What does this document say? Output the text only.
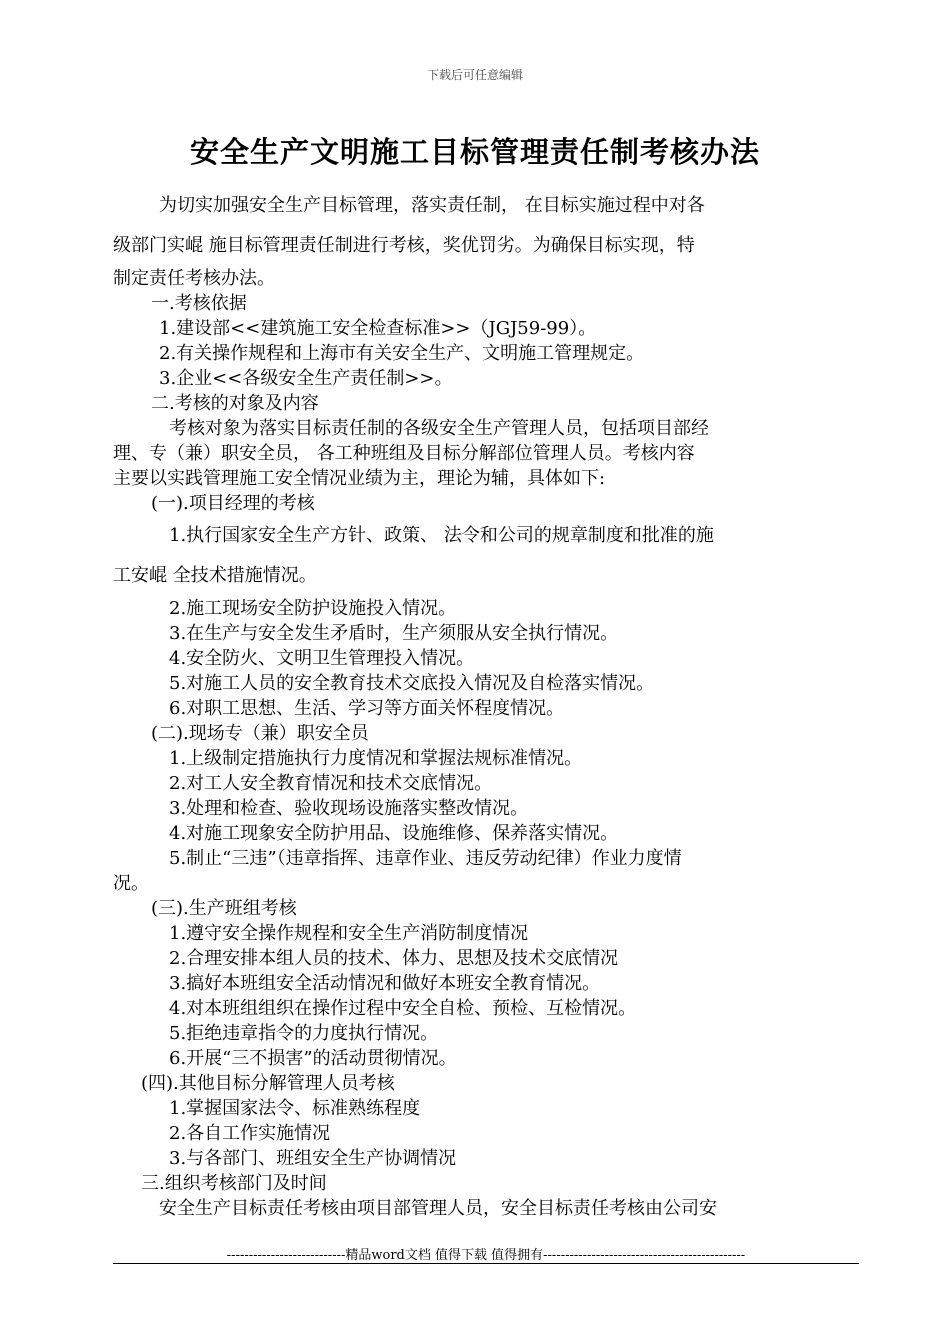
下载后可任意编辑
安全生产文明施工目标管理责任制考核办法

为切实加强安全生产目标管理，落实责任制， 在目标实施过程中对各

级部门实崐 施目标管理责任制进行考核，奖优罚劣。为确保目标实现，特

制定责任考核办法。

一.考核依据

1.建设部<<建筑施工安全检查标准>>（JGJ59-99）。

2.有关操作规程和上海市有关安全生产、文明施工管理规定。

3.企业<<各级安全生产责任制>>。

二.考核的对象及内容

考核对象为落实目标责任制的各级安全生产管理人员，包括项目部经

理、专（兼）职安全员， 各工种班组及目标分解部位管理人员。考核内容

主要以实践管理施工安全情况业绩为主，理论为辅，具体如下:

(一).项目经理的考核

1.执行国家安全生产方针、政策、 法令和公司的规章制度和批准的施

工安崐 全技术措施情况。

2.施工现场安全防护设施投入情况。

3.在生产与安全发生矛盾时，生产须服从安全执行情况。

4.安全防火、文明卫生管理投入情况。

5.对施工人员的安全教育技术交底投入情况及自检落实情况。

6.对职工思想、生活、学习等方面关怀程度情况。

(二).现场专（兼）职安全员

1.上级制定措施执行力度情况和掌握法规标准情况。

2.对工人安全教育情况和技术交底情况。

3.处理和检查、验收现场设施落实整改情况。

4.对施工现象安全防护用品、设施维修、保养落实情况。

5.制止“三违”（违章指挥、违章作业、违反劳动纪律）作业力度情

况。

(三).生产班组考核

1.遵守安全操作规程和安全生产消防制度情况

2.合理安排本组人员的技术、体力、思想及技术交底情况

3.搞好本班组安全活动情况和做好本班安全教育情况。

4.对本班组组织在操作过程中安全自检、预检、互检情况。

5.拒绝违章指令的力度执行情况。

6.开展“三不损害”的活动贯彻情况。

(四).其他目标分解管理人员考核

1.掌握国家法令、标准熟练程度

2.各自工作实施情况

3.与各部门、班组安全生产协调情况

三.组织考核部门及时间

安全生产目标责任考核由项目部管理人员，安全目标责任考核由公司安

---------------------------精品word文档 值得下载 值得拥有----------------------------------------------
